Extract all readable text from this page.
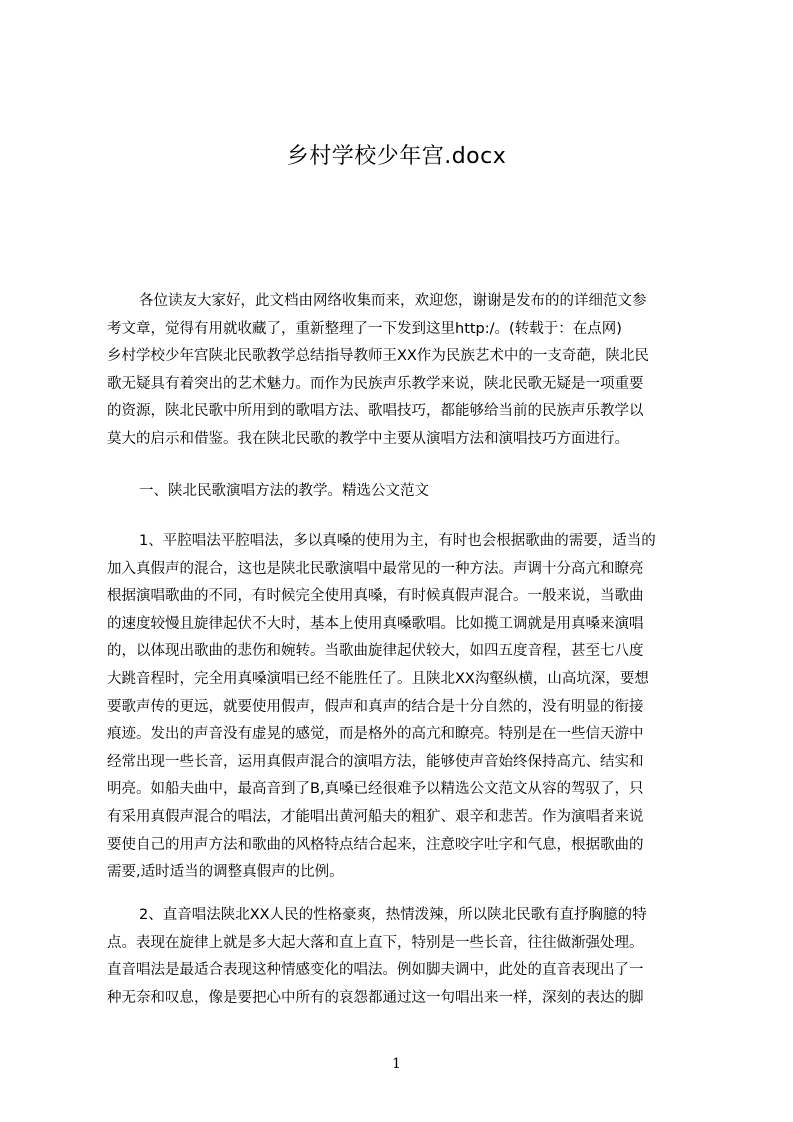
乡村学校少年宫.docx
各位读友大家好，此文档由网络收集而来，欢迎您，谢谢是发布的的详细范文参
考文章，觉得有用就收藏了，重新整理了一下发到这里http:/。(转载于：在点网)
乡村学校少年宫陕北民歌教学总结指导教师王XX作为民族艺术中的一支奇葩，陕北民
歌无疑具有着突出的艺术魅力。而作为民族声乐教学来说，陕北民歌无疑是一项重要
的资源，陕北民歌中所用到的歌唱方法、歌唱技巧，都能够给当前的民族声乐教学以
莫大的启示和借鉴。我在陕北民歌的教学中主要从演唱方法和演唱技巧方面进行。
一、陕北民歌演唱方法的教学。精选公文范文
1、平腔唱法平腔唱法，多以真嗓的使用为主，有时也会根据歌曲的需要，适当的
加入真假声的混合，这也是陕北民歌演唱中最常见的一种方法。声调十分高亢和瞭亮
根据演唱歌曲的不同，有时候完全使用真嗓，有时候真假声混合。一般来说，当歌曲
的速度较慢且旋律起伏不大时，基本上使用真嗓歌唱。比如揽工调就是用真嗓来演唱
的，以体现出歌曲的悲伤和婉转。当歌曲旋律起伏较大，如四五度音程，甚至七八度
大跳音程时，完全用真嗓演唱已经不能胜任了。且陕北XX沟壑纵横，山高坑深，要想
要歌声传的更远，就要使用假声，假声和真声的结合是十分自然的，没有明显的衔接
痕迹。发出的声音没有虚晃的感觉，而是格外的高亢和瞭亮。特别是在一些信天游中
经常出现一些长音，运用真假声混合的演唱方法，能够使声音始终保持高亢、结实和
明亮。如船夫曲中，最高音到了B,真嗓已经很难予以精选公文范文从容的驾驭了，只
有采用真假声混合的唱法，才能唱出黄河船夫的粗犷、艰辛和悲苦。作为演唱者来说
要使自己的用声方法和歌曲的风格特点结合起来，注意咬字吐字和气息，根据歌曲的
需要,适时适当的调整真假声的比例。
2、直音唱法陕北XX人民的性格豪爽，热情泼辣，所以陕北民歌有直抒胸臆的特
点。表现在旋律上就是多大起大落和直上直下，特别是一些长音，往往做渐强处理。
直音唱法是最适合表现这种情感变化的唱法。例如脚夫调中，此处的直音表现出了一
种无奈和叹息，像是要把心中所有的哀怨都通过这一句唱出来一样，深刻的表达的脚
1
